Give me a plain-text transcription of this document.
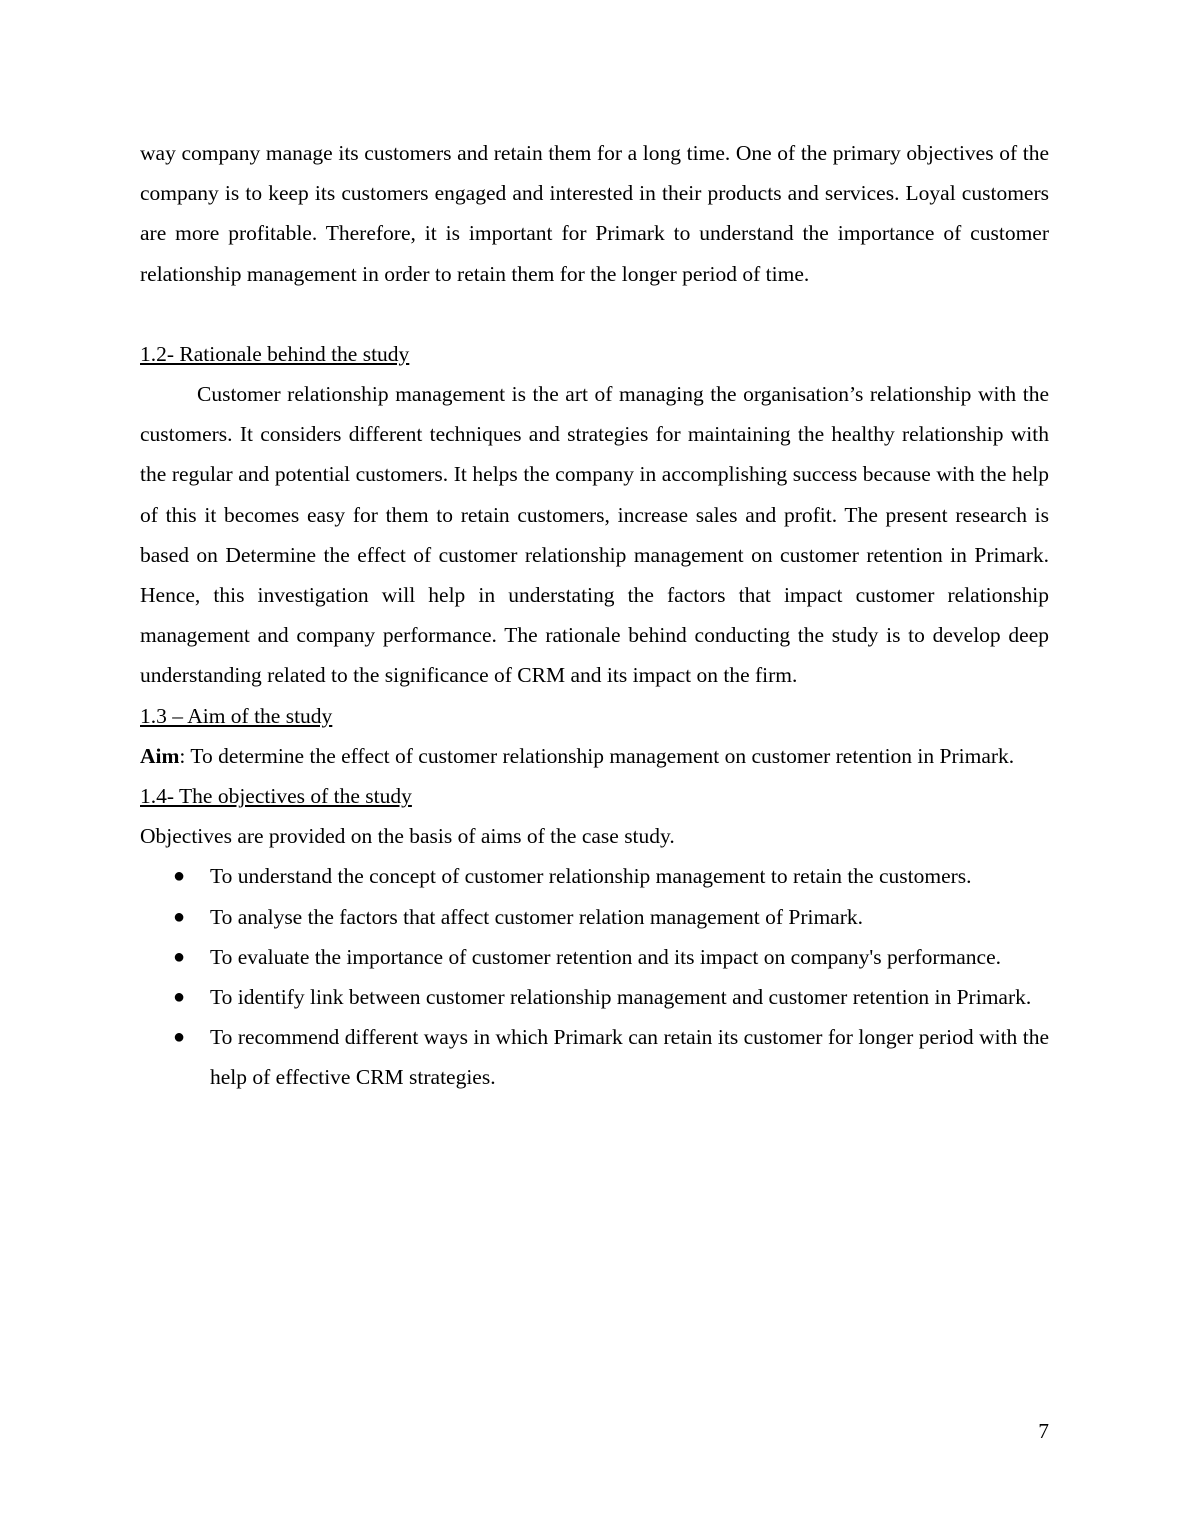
way company manage its customers and retain them for a long time. One of the primary objectives of the company is to keep its customers engaged and interested in their products and services. Loyal customers are more profitable. Therefore, it is important for Primark to understand the importance of customer relationship management in order to retain them for the longer period of time.

1.2- Rationale behind the study

Customer relationship management is the art of managing the organisation’s relationship with the customers. It considers different techniques and strategies for maintaining the healthy relationship with the regular and potential customers. It helps the company in accomplishing success because with the help of this it becomes easy for them to retain customers, increase sales and profit. The present research is based on Determine the effect of customer relationship management on customer retention in Primark. Hence, this investigation will help in understating the factors that impact customer relationship management and company performance. The rationale behind conducting the study is to develop deep understanding related to the significance of CRM and its impact on the firm.

1.3 – Aim of the study

Aim: To determine the effect of customer relationship management on customer retention in Primark.

1.4- The objectives of the study

Objectives are provided on the basis of aims of the case study.

● To understand the concept of customer relationship management to retain the customers.
● To analyse the factors that affect customer relation management of Primark.
● To evaluate the importance of customer retention and its impact on company's performance.
● To identify link between customer relationship management and customer retention in Primark.
● To recommend different ways in which Primark can retain its customer for longer period with the help of effective CRM strategies.
7
